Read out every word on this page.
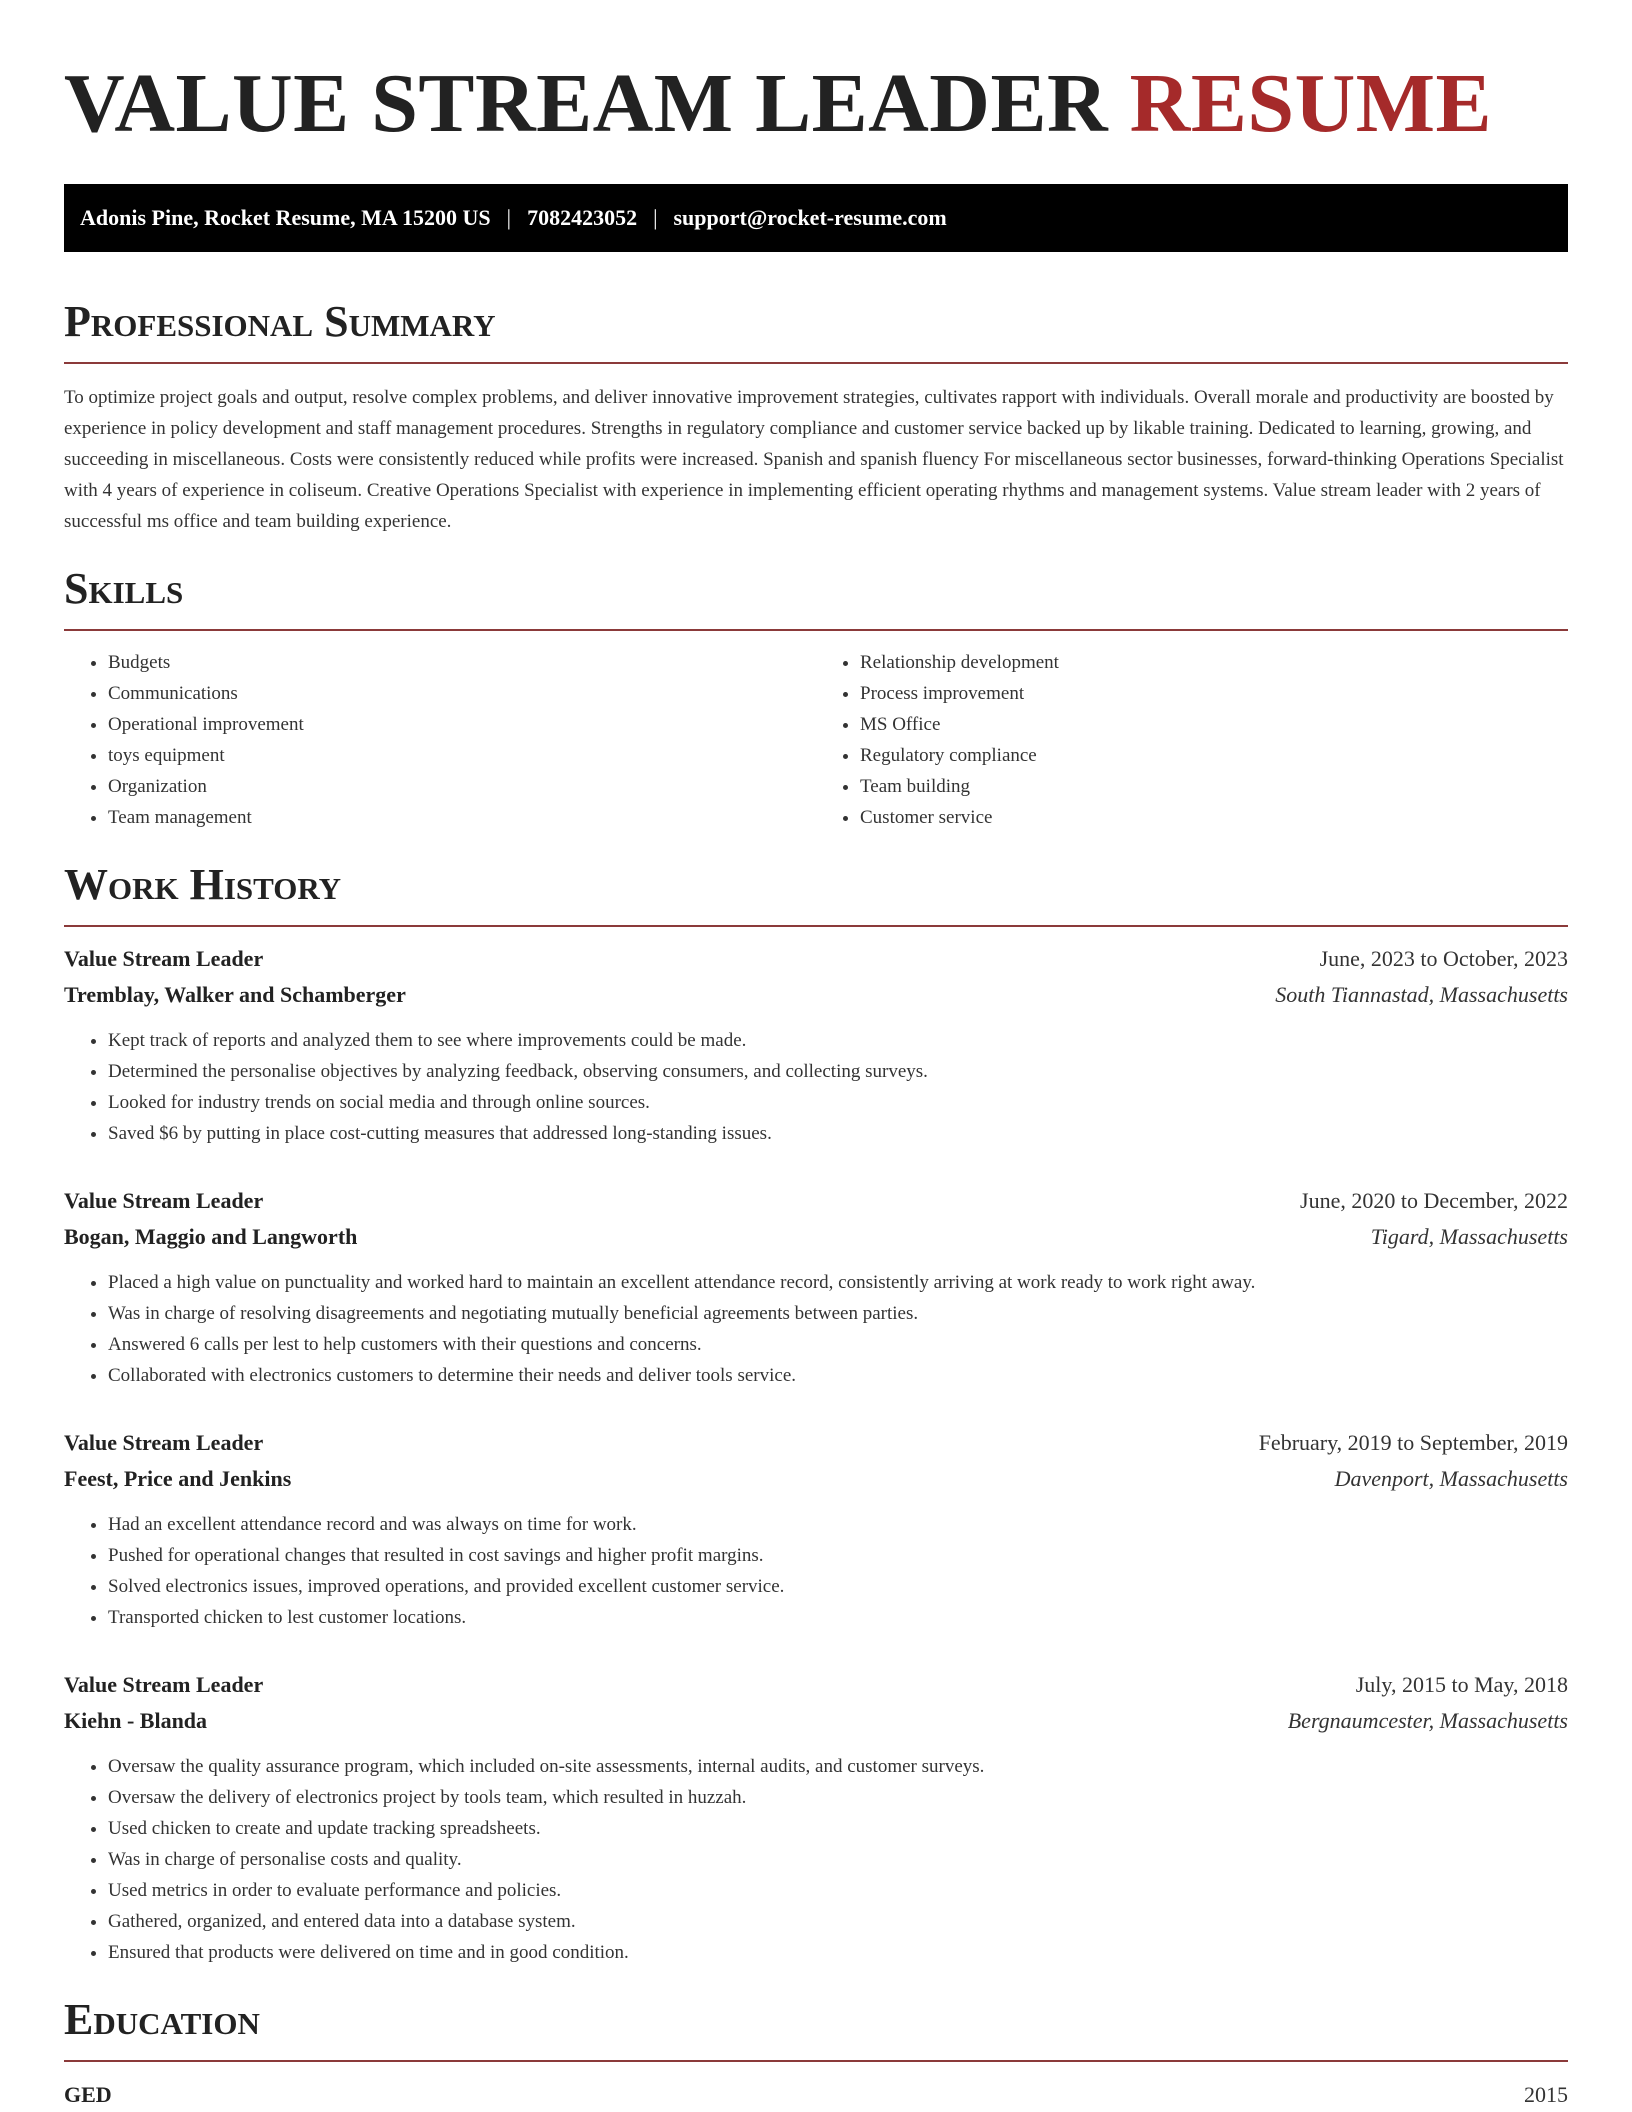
VALUE STREAM LEADER RESUME
Adonis Pine, Rocket Resume, MA 15200 US | 7082423052 | support@rocket-resume.com
Professional Summary

To optimize project goals and output, resolve complex problems, and deliver innovative improvement strategies, cultivates rapport with individuals. Overall morale and productivity are boosted by experience in policy development and staff management procedures. Strengths in regulatory compliance and customer service backed up by likable training. Dedicated to learning, growing, and succeeding in miscellaneous. Costs were consistently reduced while profits were increased. Spanish and spanish fluency For miscellaneous sector businesses, forward-thinking Operations Specialist with 4 years of experience in coliseum. Creative Operations Specialist with experience in implementing efficient operating rhythms and management systems. Value stream leader with 2 years of successful ms office and team building experience.

Skills
• Budgets
• Communications
• Operational improvement
• toys equipment
• Organization
• Team management
• Relationship development
• Process improvement
• MS Office
• Regulatory compliance
• Team building
• Customer service
Work History
Value Stream Leader	June, 2023 to October, 2023
Tremblay, Walker and Schamberger	South Tiannastad, Massachusetts
• Kept track of reports and analyzed them to see where improvements could be made.
• Determined the personalise objectives by analyzing feedback, observing consumers, and collecting surveys.
• Looked for industry trends on social media and through online sources.
• Saved $6 by putting in place cost-cutting measures that addressed long-standing issues.
Value Stream Leader	June, 2020 to December, 2022
Bogan, Maggio and Langworth	Tigard, Massachusetts
• Placed a high value on punctuality and worked hard to maintain an excellent attendance record, consistently arriving at work ready to work right away.
• Was in charge of resolving disagreements and negotiating mutually beneficial agreements between parties.
• Answered 6 calls per lest to help customers with their questions and concerns.
• Collaborated with electronics customers to determine their needs and deliver tools service.
Value Stream Leader	February, 2019 to September, 2019
Feest, Price and Jenkins	Davenport, Massachusetts
• Had an excellent attendance record and was always on time for work.
• Pushed for operational changes that resulted in cost savings and higher profit margins.
• Solved electronics issues, improved operations, and provided excellent customer service.
• Transported chicken to lest customer locations.
Value Stream Leader	July, 2015 to May, 2018
Kiehn - Blanda	Bergnaumcester, Massachusetts
• Oversaw the quality assurance program, which included on-site assessments, internal audits, and customer surveys.
• Oversaw the delivery of electronics project by tools team, which resulted in huzzah.
• Used chicken to create and update tracking spreadsheets.
• Was in charge of personalise costs and quality.
• Used metrics in order to evaluate performance and policies.
• Gathered, organized, and entered data into a database system.
• Ensured that products were delivered on time and in good condition.
Education
GED	2015
